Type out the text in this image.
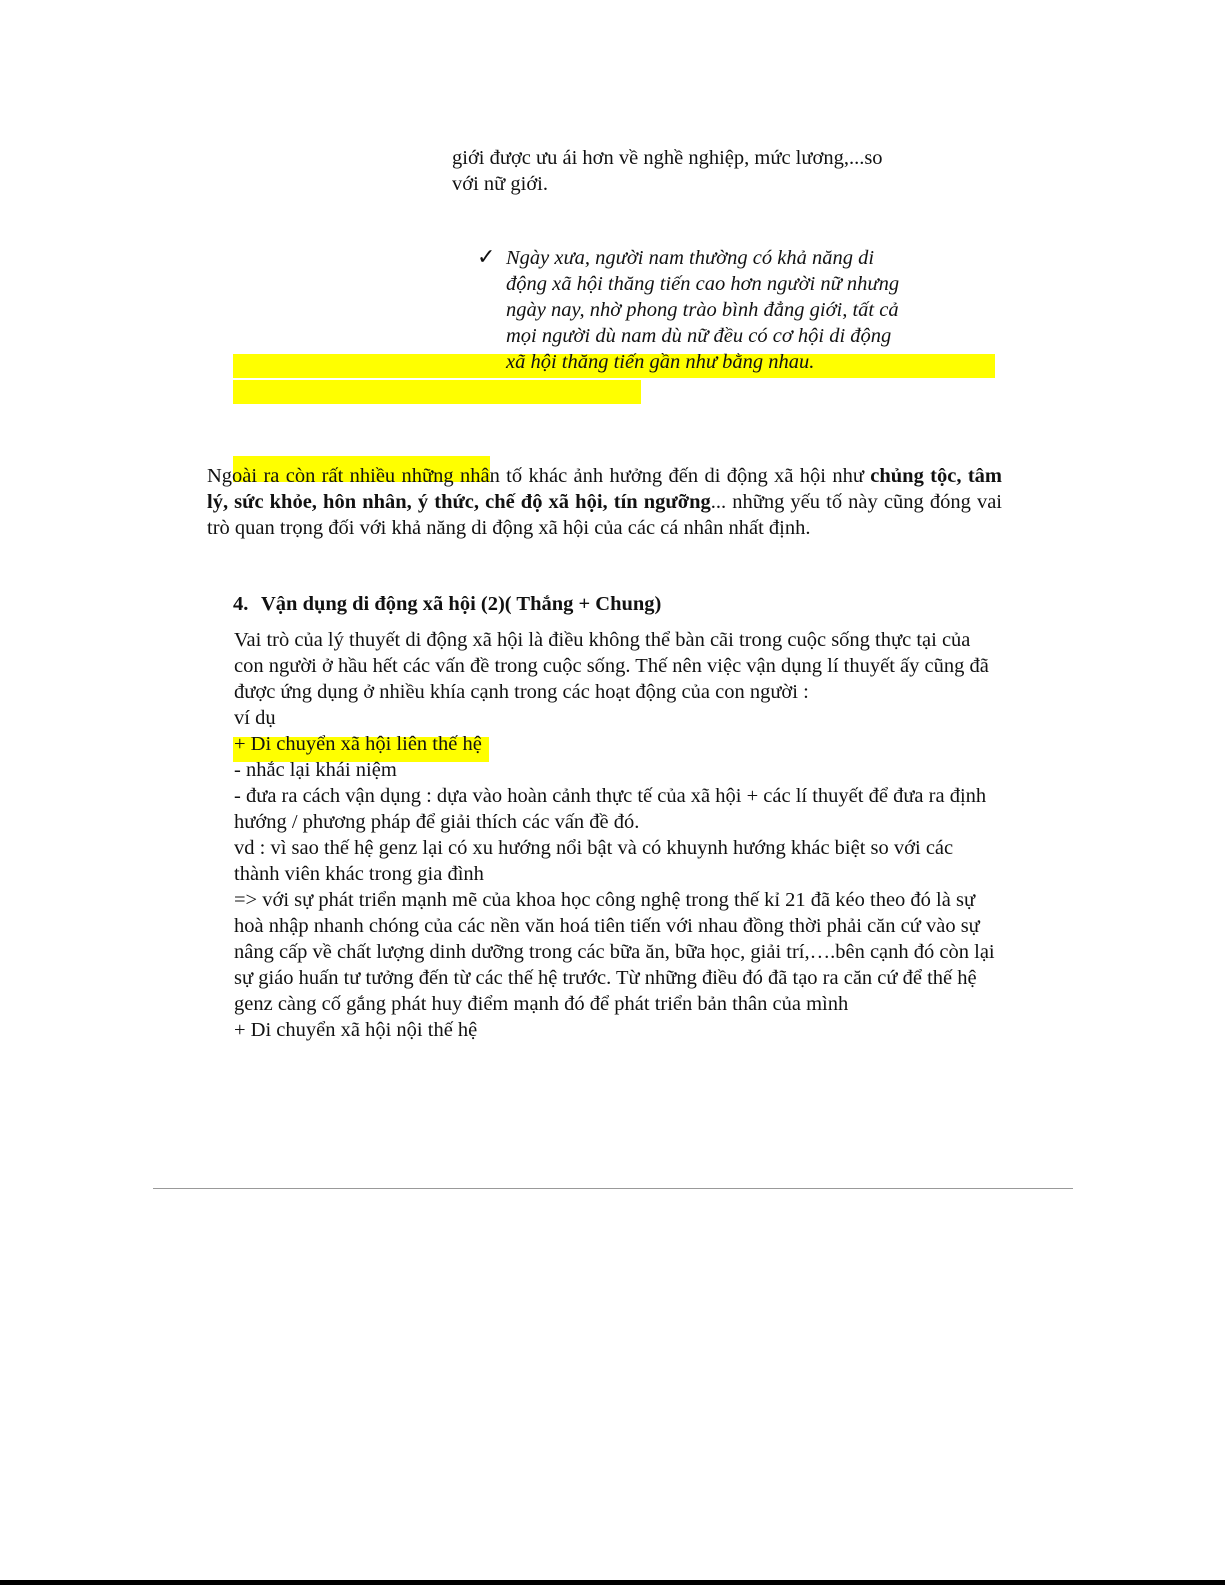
giới được ưu ái hơn về nghề nghiệp, mức lương,...so
với nữ giới.
✓ Ngày xưa, người nam thường có khả năng di
động xã hội thăng tiến cao hơn người nữ nhưng
ngày nay, nhờ phong trào bình đẳng giới, tất cả
mọi người dù nam dù nữ đều có cơ hội di động
xã hội thăng tiến gần như bằng nhau.
Ngoài ra còn rất nhiều những nhân tố khác ảnh hưởng đến di động xã hội như chủng tộc, tâm
lý, sức khỏe, hôn nhân, ý thức, chế độ xã hội, tín ngưỡng... những yếu tố này cũng đóng vai
trò quan trọng đối với khả năng di động xã hội của các cá nhân nhất định.
4. Vận dụng di động xã hội (2)( Thắng + Chung)
Vai trò của lý thuyết di động xã hội là điều không thể bàn cãi trong cuộc sống thực tại của
con người ở hầu hết các vấn đề trong cuộc sống. Thế nên việc vận dụng lí thuyết ấy cũng đã
được ứng dụng ở nhiều khía cạnh trong các hoạt động của con người :
ví dụ
+ Di chuyển xã hội liên thế hệ
- nhắc lại khái niệm
- đưa ra cách vận dụng : dựa vào hoàn cảnh thực tế của xã hội + các lí thuyết để đưa ra định
hướng / phương pháp để giải thích các vấn đề đó.
vd : vì sao thế hệ genz lại có xu hướng nổi bật và có khuynh hướng khác biệt so với các
thành viên khác trong gia đình
=> với sự phát triển mạnh mẽ của khoa học công nghệ trong thế kỉ 21 đã kéo theo đó là sự
hoà nhập nhanh chóng của các nền văn hoá tiên tiến với nhau đồng thời phải căn cứ vào sự
nâng cấp về chất lượng dinh dưỡng trong các bữa ăn, bữa học, giải trí,….bên cạnh đó còn lại
sự giáo huấn tư tưởng đến từ các thế hệ trước. Từ những điều đó đã tạo ra căn cứ để thế hệ
genz càng cố gắng phát huy điểm mạnh đó để phát triển bản thân của mình
+ Di chuyển xã hội nội thế hệ
